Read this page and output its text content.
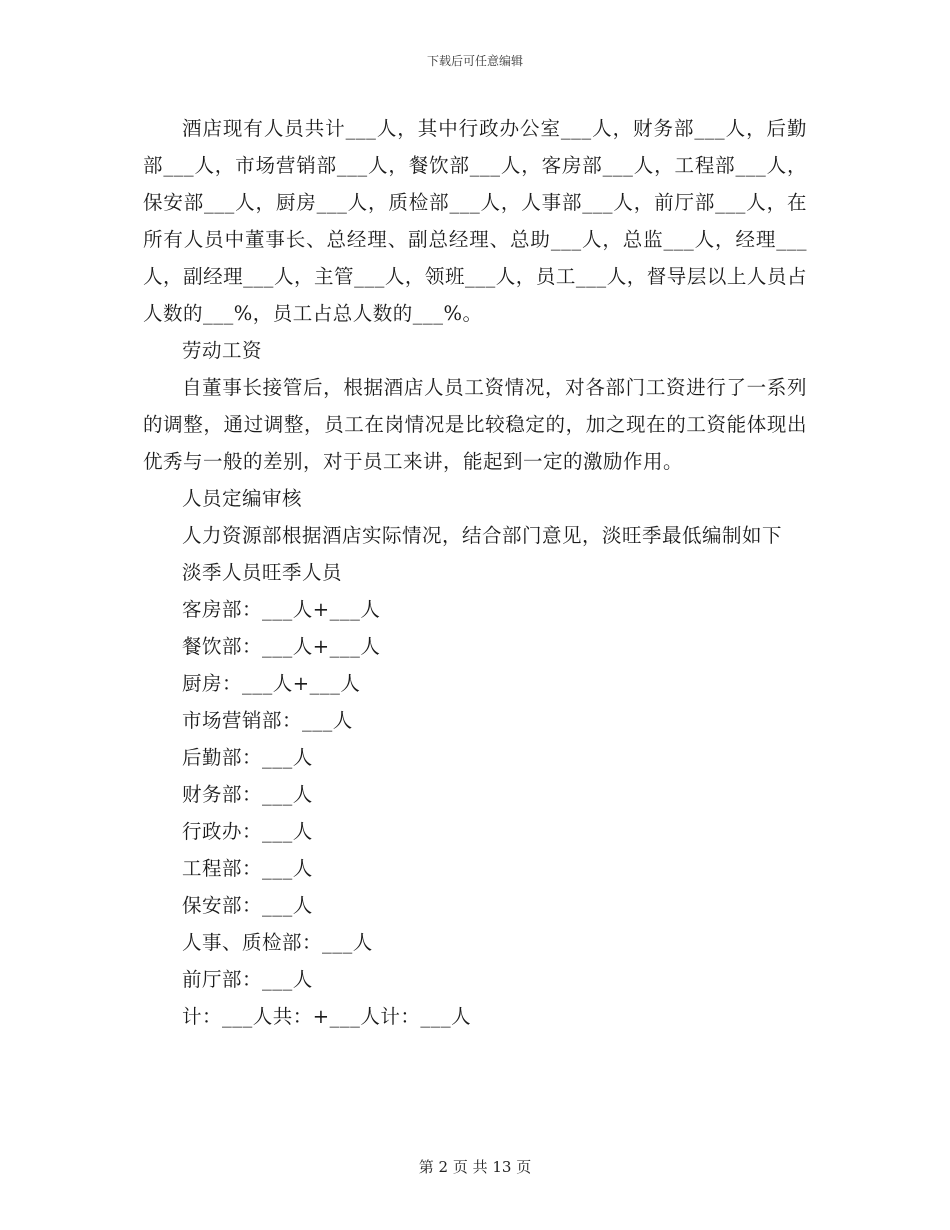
下载后可任意编辑

酒店现有人员共计___人，其中行政办公室___人，财务部___人，后勤部___人，市场营销部___人，餐饮部___人，客房部___人，工程部___人，保安部___人，厨房___人，质检部___人，人事部___人，前厅部___人，在所有人员中董事长、总经理、副总经理、总助___人，总监___人，经理___人，副经理___人，主管___人，领班___人，员工___人，督导层以上人员占人数的___%，员工占总人数的___%。

劳动工资

自董事长接管后，根据酒店人员工资情况，对各部门工资进行了一系列的调整，通过调整，员工在岗情况是比较稳定的，加之现在的工资能体现出优秀与一般的差别，对于员工来讲，能起到一定的激励作用。

人员定编审核

人力资源部根据酒店实际情况，结合部门意见，淡旺季最低编制如下

淡季人员旺季人员

客房部：___人+___人

餐饮部：___人+___人

厨房：___人+___人

市场营销部：___人

后勤部：___人

财务部：___人

行政办：___人

工程部：___人

保安部：___人

人事、质检部：___人

前厅部：___人

计：___人共：+___人计：___人

第 2 页 共 13 页
